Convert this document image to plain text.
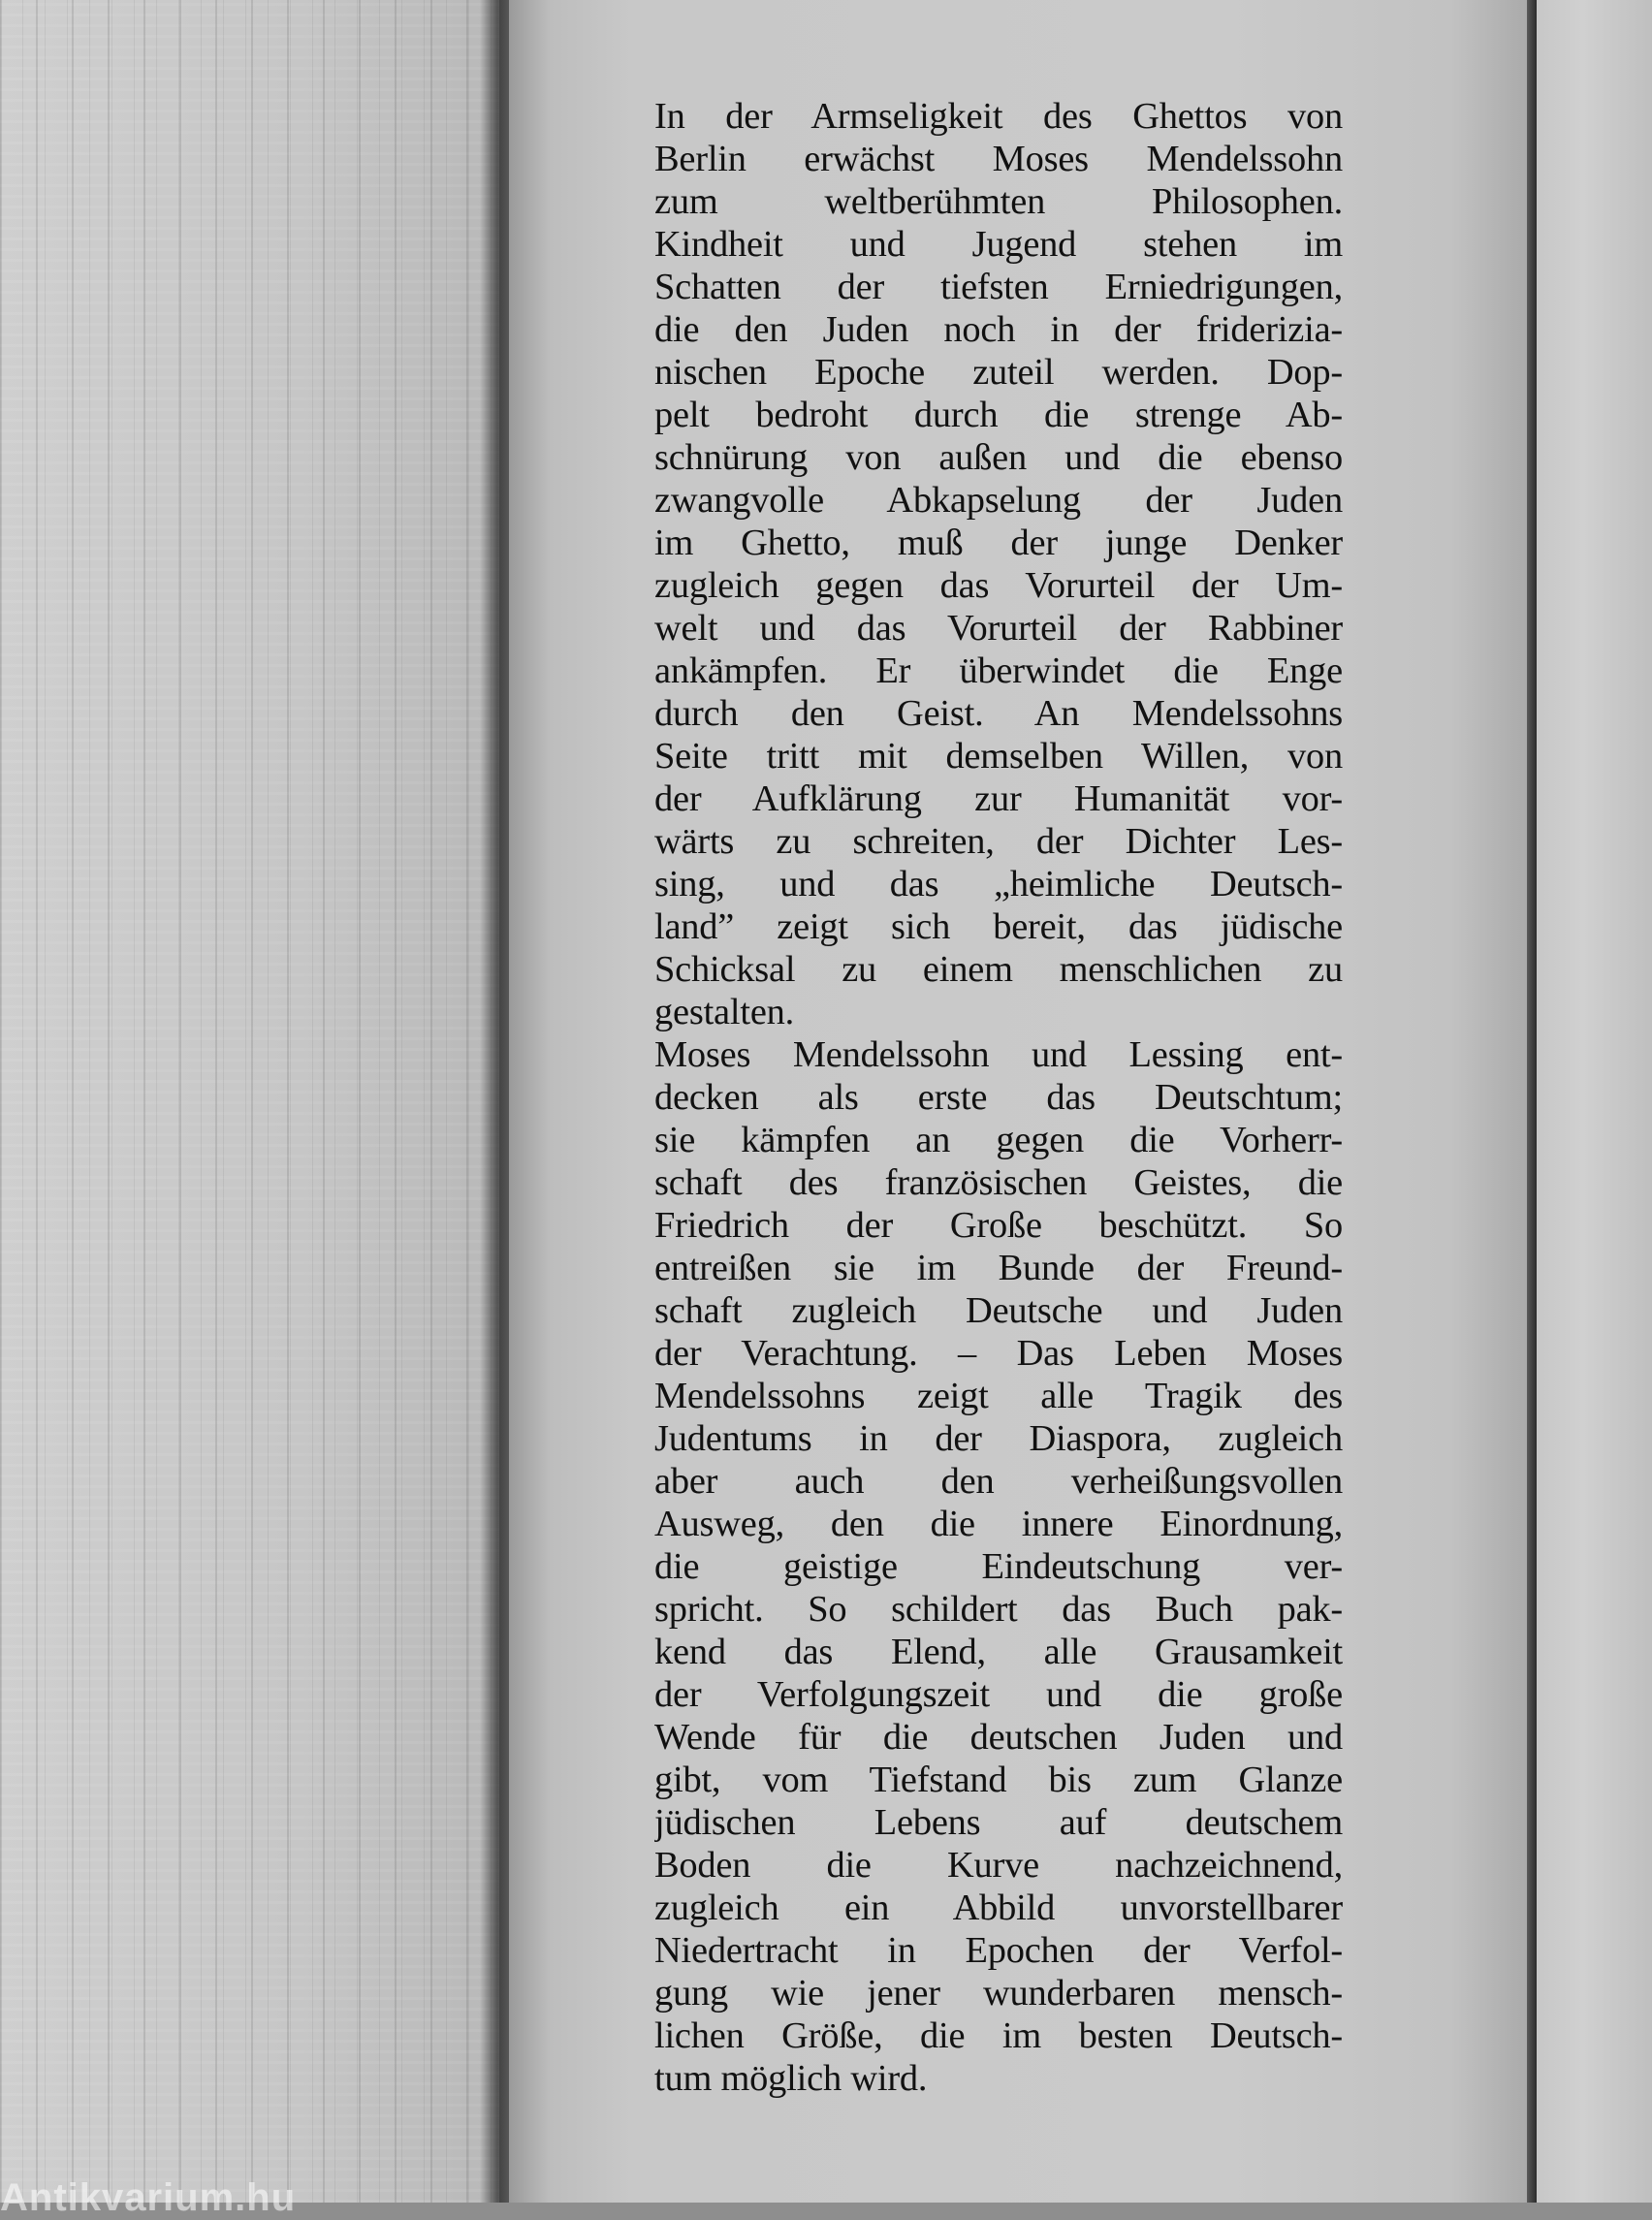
In der Armseligkeit des Ghettos von
Berlin erwächst Moses Mendelssohn
zum weltberühmten Philosophen.
Kindheit und Jugend stehen im
Schatten der tiefsten Erniedrigungen,
die den Juden noch in der frideriziа-
nischen Epoche zuteil werden. Dop-
pelt bedroht durch die strenge Ab-
schnürung von außen und die ebenso
zwangvolle Abkapselung der Juden
im Ghetto, muß der junge Denker
zugleich gegen das Vorurteil der Um-
welt und das Vorurteil der Rabbiner
ankämpfen. Er überwindet die Enge
durch den Geist. An Mendelssohns
Seite tritt mit demselben Willen, von
der Aufklärung zur Humanität vor-
wärts zu schreiten, der Dichter Les-
sing, und das „heimliche Deutsch-
land” zeigt sich bereit, das jüdische
Schicksal zu einem menschlichen zu
gestalten.
Moses Mendelssohn und Lessing ent-
decken als erste das Deutschtum;
sie kämpfen an gegen die Vorherr-
schaft des französischen Geistes, die
Friedrich der Große beschützt. So
entreißen sie im Bunde der Freund-
schaft zugleich Deutsche und Juden
der Verachtung. – Das Leben Moses
Mendelssohns zeigt alle Tragik des
Judentums in der Diaspora, zugleich
aber auch den verheißungsvollen
Ausweg, den die innere Einordnung,
die geistige Eindeutschung ver-
spricht. So schildert das Buch pak-
kend das Elend, alle Grausamkeit
der Verfolgungszeit und die große
Wende für die deutschen Juden und
gibt, vom Tiefstand bis zum Glanze
jüdischen Lebens auf deutschem
Boden die Kurve nachzeichnend,
zugleich ein Abbild unvorstellbarer
Niedertracht in Epochen der Verfol-
gung wie jener wunderbaren mensch-
lichen Größe, die im besten Deutsch-
tum möglich wird.
Antikvarium.hu
